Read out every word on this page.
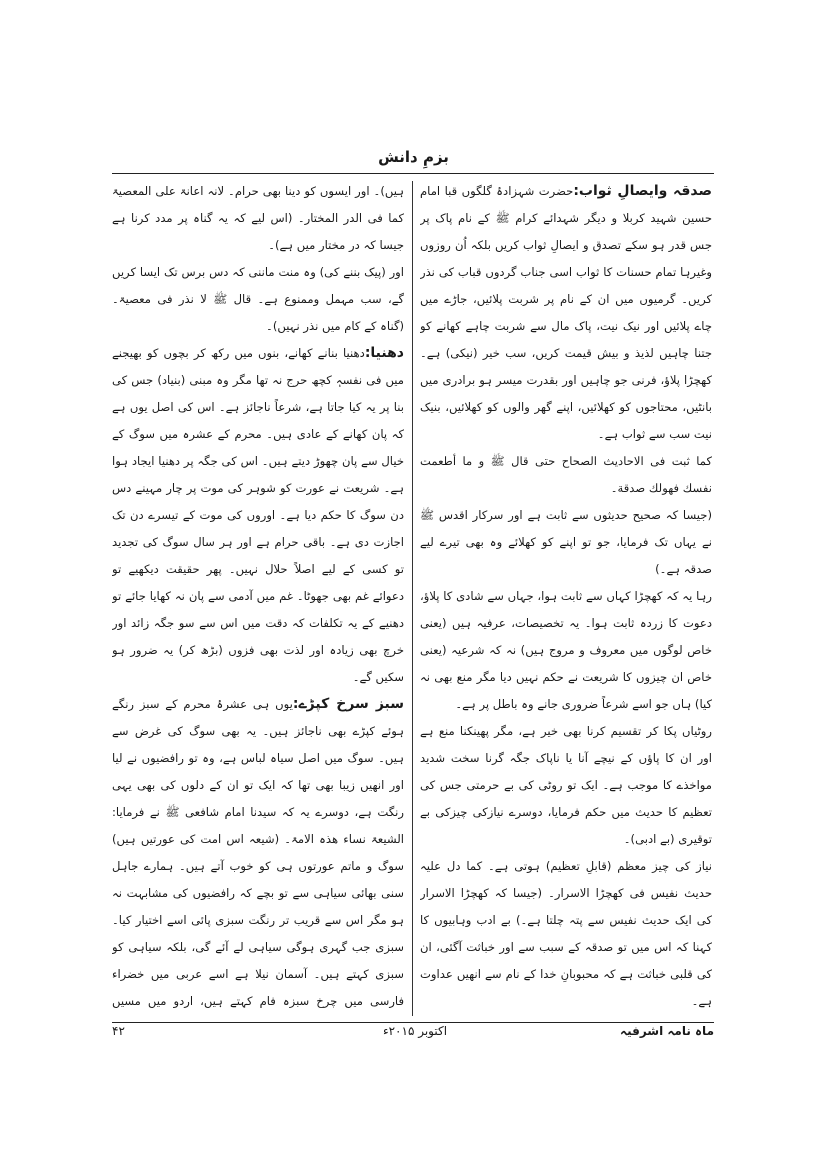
بزمِ دانش

صدقہ وایصالِ ثواب:حضرت شہزادۂ گلگوں قبا امام حسین شہید کربلا و دیگر شہدائے کرام ﷺ کے نام پاک پر جس قدر ہو سکے تصدق و ایصالِ ثواب کریں بلکہ اُن روزوں وغیرہا تمام حسنات کا ثواب اسی جناب گردوں قباب کی نذر کریں۔ گرمیوں میں ان کے نام پر شربت پلائیں، جاڑے میں چاے پلائیں اور نیک نیت، پاک مال سے شربت چاہے کھانے کو جتنا چاہیں لذیذ و بیش قیمت کریں، سب خیر (نیکی) ہے۔ کھچڑا پلاؤ، فرنی جو چاہیں اور بقدرت میسر ہو برادری میں بانٹیں، محتاجوں کو کھلائیں، اپنے گھر والوں کو کھلائیں، بنیک نیت سب سے ثواب ہے۔

کما ثبت فی الاحادیث الصحاح حتی قال ﷺ و ما أطعمت نفسك فهولك صدقة۔

(جیسا کہ صحیح حدیثوں سے ثابت ہے اور سرکار اقدس ﷺ نے یہاں تک فرمایا، جو تو اپنے کو کھلائے وہ بھی تیرے لیے صدقہ ہے۔)

رہا یہ کہ کھچڑا کہاں سے ثابت ہوا، جہاں سے شادی کا پلاؤ، دعوت کا زردہ ثابت ہوا۔ یہ تخصیصات، عرفیہ ہیں (یعنی خاص لوگوں میں معروف و مروج ہیں) نہ کہ شرعیہ (یعنی خاص ان چیزوں کا شریعت نے حکم نہیں دیا مگر منع بھی نہ کیا) ہاں جو اسے شرعاً ضروری جانے وہ باطل پر ہے۔

روٹیاں پکا کر تقسیم کرنا بھی خیر ہے، مگر پھینکنا منع ہے اور ان کا پاؤں کے نیچے آنا یا ناپاک جگہ گرنا سخت شدید مواخذے کا موجب ہے۔ ایک تو روٹی کی بے حرمتی جس کی تعظیم کا حدیث میں حکم فرمایا، دوسرے نیازکی چیزکی بے توقیری (بے ادبی)۔

نیاز کی چیز معظم (قابلِ تعظیم) ہوتی ہے۔ کما دل علیہ حدیث نفیس فی کھچڑا الاسرار۔ (جیسا کہ کھچڑا الاسرار کی ایک حدیث نفیس سے پتہ چلتا ہے۔) بے ادب وہابیوں کا کہنا کہ اس میں تو صدقہ کے سبب سے اور خباثت آگئی، ان کی قلبی خباثت ہے کہ محبوبانِ خدا کے نام سے انھیں عداوت ہے۔

ہیں)۔ اور ایسوں کو دینا بھی حرام۔ لانہ اعانۃ علی المعصیۃ کما فی الدر المختار۔ (اس لیے کہ یہ گناہ پر مدد کرنا ہے جیسا کہ در مختار میں ہے)۔

اور (پیک بننے کی) وہ منت ماننی کہ دس برس تک ایسا کریں گے، سب مہمل وممنوع ہے۔ قال ﷺ لا نذر فی معصیۃ۔ (گناہ کے کام میں نذر نہیں)۔

دھنیا:دھنیا بنانے کھانے، بنوں میں رکھ کر بچوں کو بھیجنے میں فی نفسہٖ کچھ حرج نہ تھا مگر وہ مبنی (بنیاد) جس کی بنا پر یہ کیا جاتا ہے، شرعاً ناجائز ہے۔ اس کی اصل یوں ہے کہ پان کھانے کے عادی ہیں۔ محرم کے عشرہ میں سوگ کے خیال سے پان چھوڑ دیتے ہیں۔ اس کی جگہ پر دھنیا ایجاد ہوا ہے۔ شریعت نے عورت کو شوہر کی موت پر چار مہینے دس دن سوگ کا حکم دیا ہے۔ اوروں کی موت کے تیسرے دن تک اجازت دی ہے۔ باقی حرام ہے اور ہر سال سوگ کی تجدید تو کسی کے لیے اصلاً حلال نہیں۔ پھر حقیقت دیکھیے تو دعوائے غم بھی جھوٹا۔ غم میں آدمی سے پان نہ کھایا جائے تو دھنیے کے یہ تکلفات کہ دقت میں اس سے سو جگہ زائد اور خرچ بھی زیادہ اور لذت بھی فزوں (بڑھ کر) یہ ضرور ہو سکیں گے۔

سبز سرخ کپڑے:یوں ہی عشرۂ محرم کے سبز رنگے ہوئے کپڑے بھی ناجائز ہیں۔ یہ بھی سوگ کی غرض سے ہیں۔ سوگ میں اصل سیاہ لباس ہے، وہ تو رافضیوں نے لیا اور انھیں زیبا بھی تھا کہ ایک تو ان کے دلوں کی بھی یہی رنگت ہے، دوسرے یہ کہ سیدنا امام شافعی ﷺ نے فرمایا: الشیعۃ نساء ھذہ الامۃ۔ (شیعہ اس امت کی عورتیں ہیں) سوگ و ماتم عورتوں ہی کو خوب آتے ہیں۔ ہمارے جاہل سنی بھائی سیاہی سے تو بچے کہ رافضیوں کی مشابہت نہ ہو مگر اس سے قریب تر رنگت سبزی پائی اسے اختیار کیا۔ سبزی جب گہری ہوگی سیاہی لے آئے گی، بلکہ سیاہی کو سبزی کہتے ہیں۔ آسمان نیلا ہے اسے عربی میں خضراء فارسی میں چرخ سبزہ فام کہتے ہیں، اردو میں مسیں

ماہ نامہ اشرفیہ
اکتوبر ۲۰۱۵ء
۴۲
